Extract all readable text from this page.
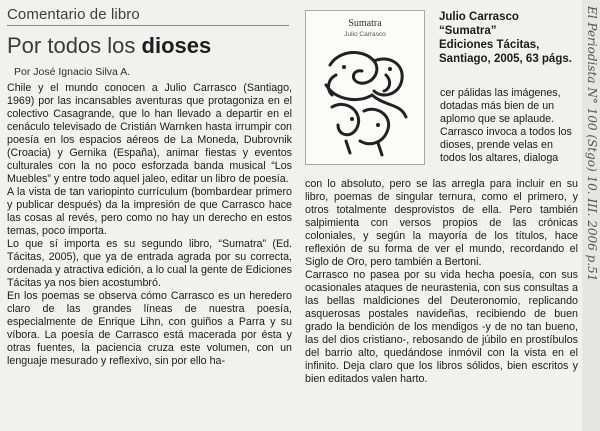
Comentario de libro
Por todos los dioses
Por José Ignacio Silva A.

Chile y el mundo conocen a Julio Carrasco (Santiago, 1969) por las incansables aventuras que protagoniza en el colectivo Casagrande, que lo han llevado a departir en el cenáculo televisado de Cristián Warnken hasta irrumpir con poesía en los espacios aéreos de La Moneda, Dubrovnik (Croacia) y Gernika (España), animar fiestas y eventos culturales con la no poco esforzada banda musical “Los Muebles” y entre todo aquel jaleo, editar un libro de poesía.

A la vista de tan variopinto currículum (bombardear primero y publicar después) da la impresión de que Carrasco hace las cosas al revés, pero como no hay un derecho en estos temas, poco importa.

Lo que sí importa es su segundo libro, “Sumatra” (Ed. Tácitas, 2005), que ya de entrada agrada por su correcta, ordenada y atractiva edición, a lo cual la gente de Ediciones Tácitas ya nos bien acostumbró.

En los poemas se observa cómo Carrasco es un heredero claro de las grandes líneas de nuestra poesía, especialmente de Enrique Lihn, con guiños a Parra y su víbora. La poesía de Carrasco está macerada por ésta y otras fuentes, la paciencia cruza este volumen, con un lenguaje mesurado y reflexivo, sin por ello ha-

Sumatra
Julio Carrasco
Julio Carrasco
“Sumatra”
Ediciones Tácitas,
Santiago, 2005, 63 págs.

cer pálidas las imágenes, dotadas más bien de un aplomo que se aplaude.

Carrasco invoca a todos los dioses, prende velas en todos los altares, dialoga

con lo absoluto, pero se las arregla para incluir en su libro, poemas de singular ternura, como el primero, y otros totalmente desprovistos de ella. Pero también salpimienta con versos propios de las crónicas coloniales, y según la mayoría de los títulos, hace reflexión de su forma de ver el mundo, recordando el Siglo de Oro, pero también a Bertoni.

Carrasco no pasea por su vida hecha poesía, con sus ocasionales ataques de neurastenia, con sus consultas a las bellas maldiciones del Deuteronomio, replicando asquerosas postales navideñas, recibiendo de buen grado la bendición de los mendigos -y de no tan bueno, las del dios cristiano-, rebosando de júbilo en prostíbulos del barrio alto, quedándose inmóvil con la vista en el infinito. Deja claro que los libros sólidos, bien escritos y bien editados valen harto.

El Periodista N° 100 (Stgo) 10. III. 2006 p.51
